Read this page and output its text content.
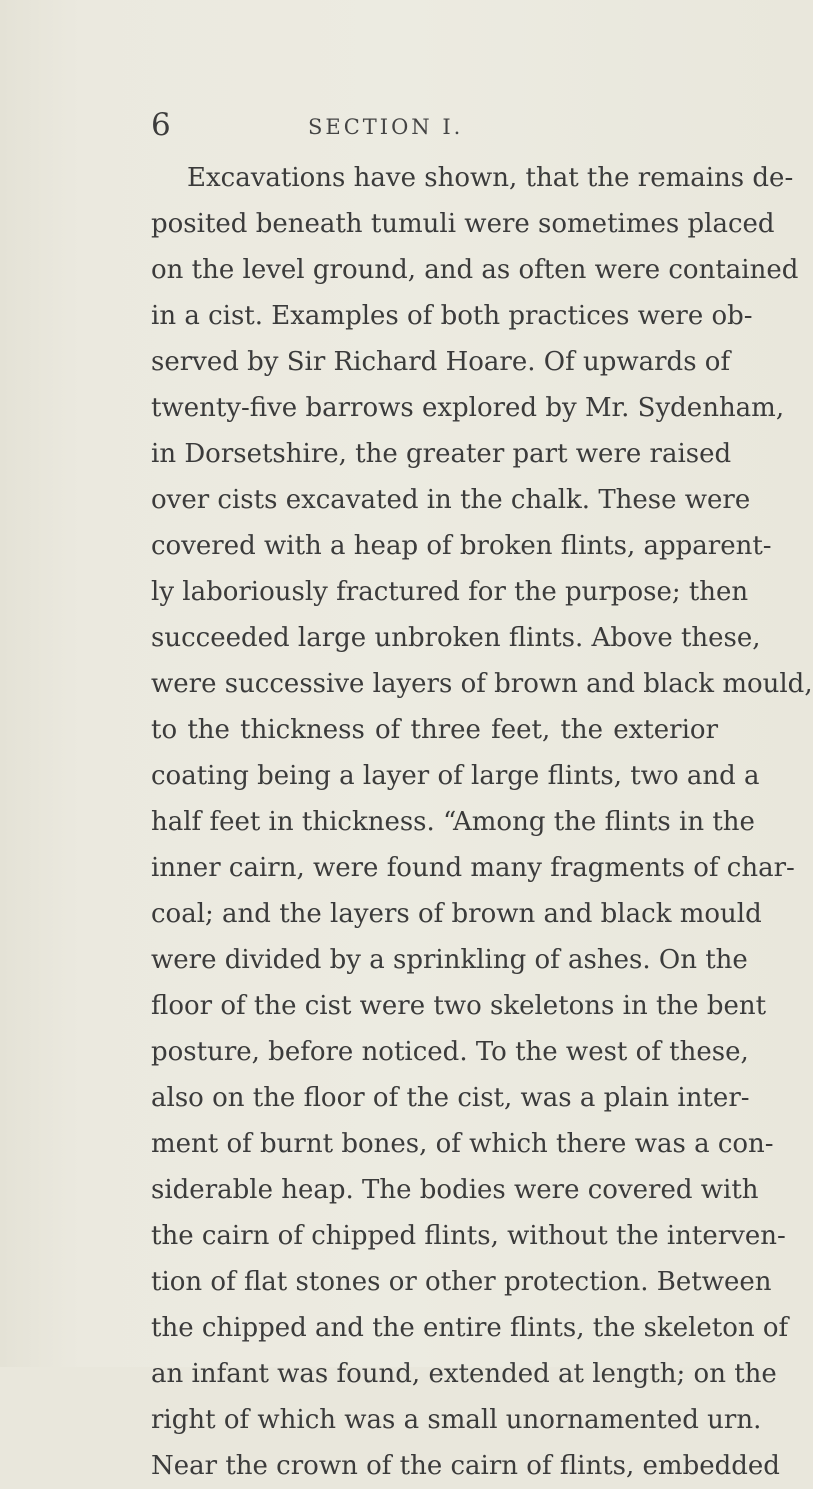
6	SECTION I.
Excavations have shown, that the remains de-
posited beneath tumuli were sometimes placed
on the level ground, and as often were contained
in a cist. Examples of both practices were ob-
served by Sir Richard Hoare. Of upwards of
twenty-five barrows explored by Mr. Sydenham,
in Dorsetshire, the greater part were raised
over cists excavated in the chalk. These were
covered with a heap of broken flints, apparent-
ly laboriously fractured for the purpose; then
succeeded large unbroken flints. Above these,
were successive layers of brown and black mould,
to the thickness of three feet, the exterior
coating being a layer of large flints, two and a
half feet in thickness. “Among the flints in the
inner cairn, were found many fragments of char-
coal; and the layers of brown and black mould
were divided by a sprinkling of ashes. On the
floor of the cist were two skeletons in the bent
posture, before noticed. To the west of these,
also on the floor of the cist, was a plain inter-
ment of burnt bones, of which there was a con-
siderable heap. The bodies were covered with
the cairn of chipped flints, without the interven-
tion of flat stones or other protection. Between
the chipped and the entire flints, the skeleton of
an infant was found, extended at length; on the
right of which was a small unornamented urn.
Near the crown of the cairn of flints, embedded
